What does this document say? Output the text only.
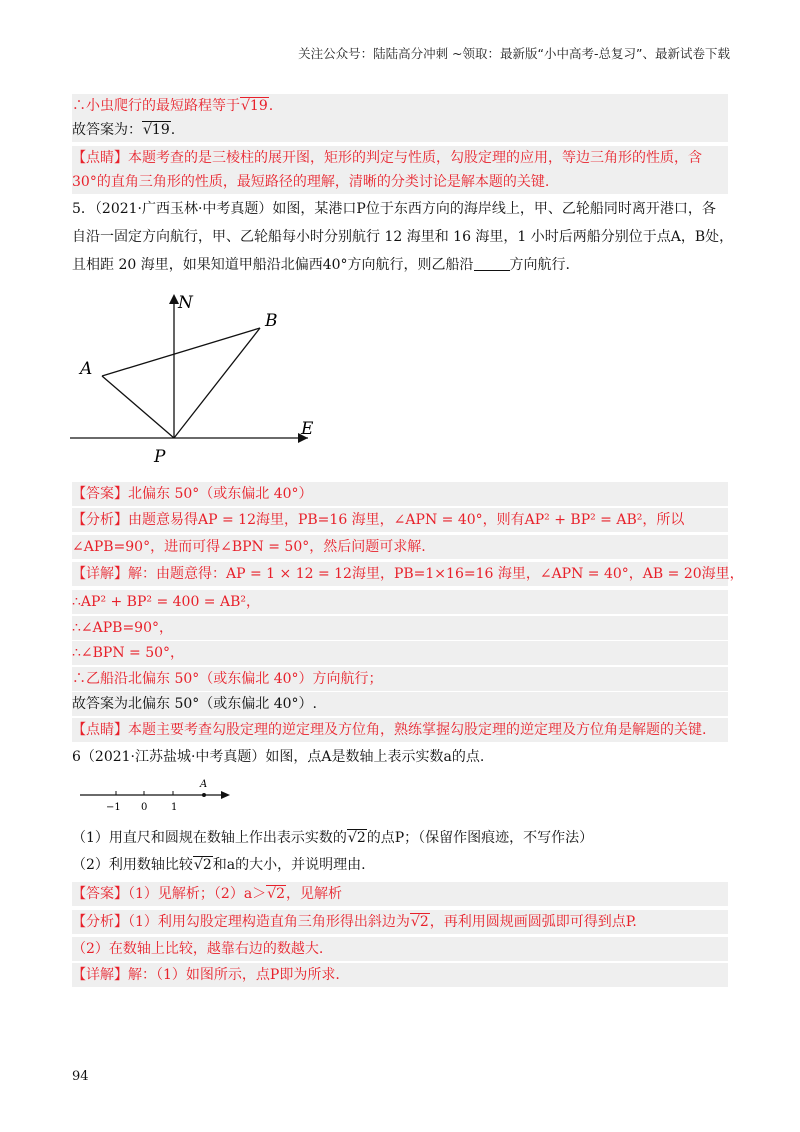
关注公众号：陆陆高分冲刺 ~领取：最新版“小中高考-总复习”、最新试卷下载
∴小虫爬行的最短路程等于√19.
故答案为：√19.
【点睛】本题考查的是三棱柱的展开图，矩形的判定与性质，勾股定理的应用，等边三角形的性质，含
30°的直角三角形的性质，最短路径的理解，清晰的分类讨论是解本题的关键.
5．（2021·广西玉林·中考真题）如图，某港口P位于东西方向的海岸线上，甲、乙轮船同时离开港口，各
自沿一固定方向航行，甲、乙轮船每小时分别航行 12 海里和 16 海里，1 小时后两船分别位于点A，B处，
且相距 20 海里，如果知道甲船沿北偏西40°方向航行，则乙船沿	方向航行.
N
E
A
B
P
【答案】北偏东 50°（或东偏北 40°）
【分析】由题意易得AP = 12海里，PB=16 海里，∠APN = 40°，则有AP² + BP² = AB²，所以
∠APB=90°，进而可得∠BPN = 50°，然后问题可求解.
【详解】解：由题意得：AP = 1 × 12 = 12海里，PB=1×16=16 海里，∠APN = 40°，AB = 20海里，
∴AP² + BP² = 400 = AB²，
∴∠APB=90°，
∴∠BPN = 50°，
∴乙船沿北偏东 50°（或东偏北 40°）方向航行；
故答案为北偏东 50°（或东偏北 40°）.
【点睛】本题主要考查勾股定理的逆定理及方位角，熟练掌握勾股定理的逆定理及方位角是解题的关键.
6（2021·江苏盐城·中考真题）如图，点A是数轴上表示实数a的点.
−1 0 1
A
（1）用直尺和圆规在数轴上作出表示实数的√2的点P；（保留作图痕迹，不写作法）
（2）利用数轴比较√2和a的大小，并说明理由.
【答案】（1）见解析；（2）a＞√2，见解析
【分析】（1）利用勾股定理构造直角三角形得出斜边为√2，再利用圆规画圆弧即可得到点P.
（2）在数轴上比较，越靠右边的数越大.
【详解】解：（1）如图所示，点P即为所求.
94
